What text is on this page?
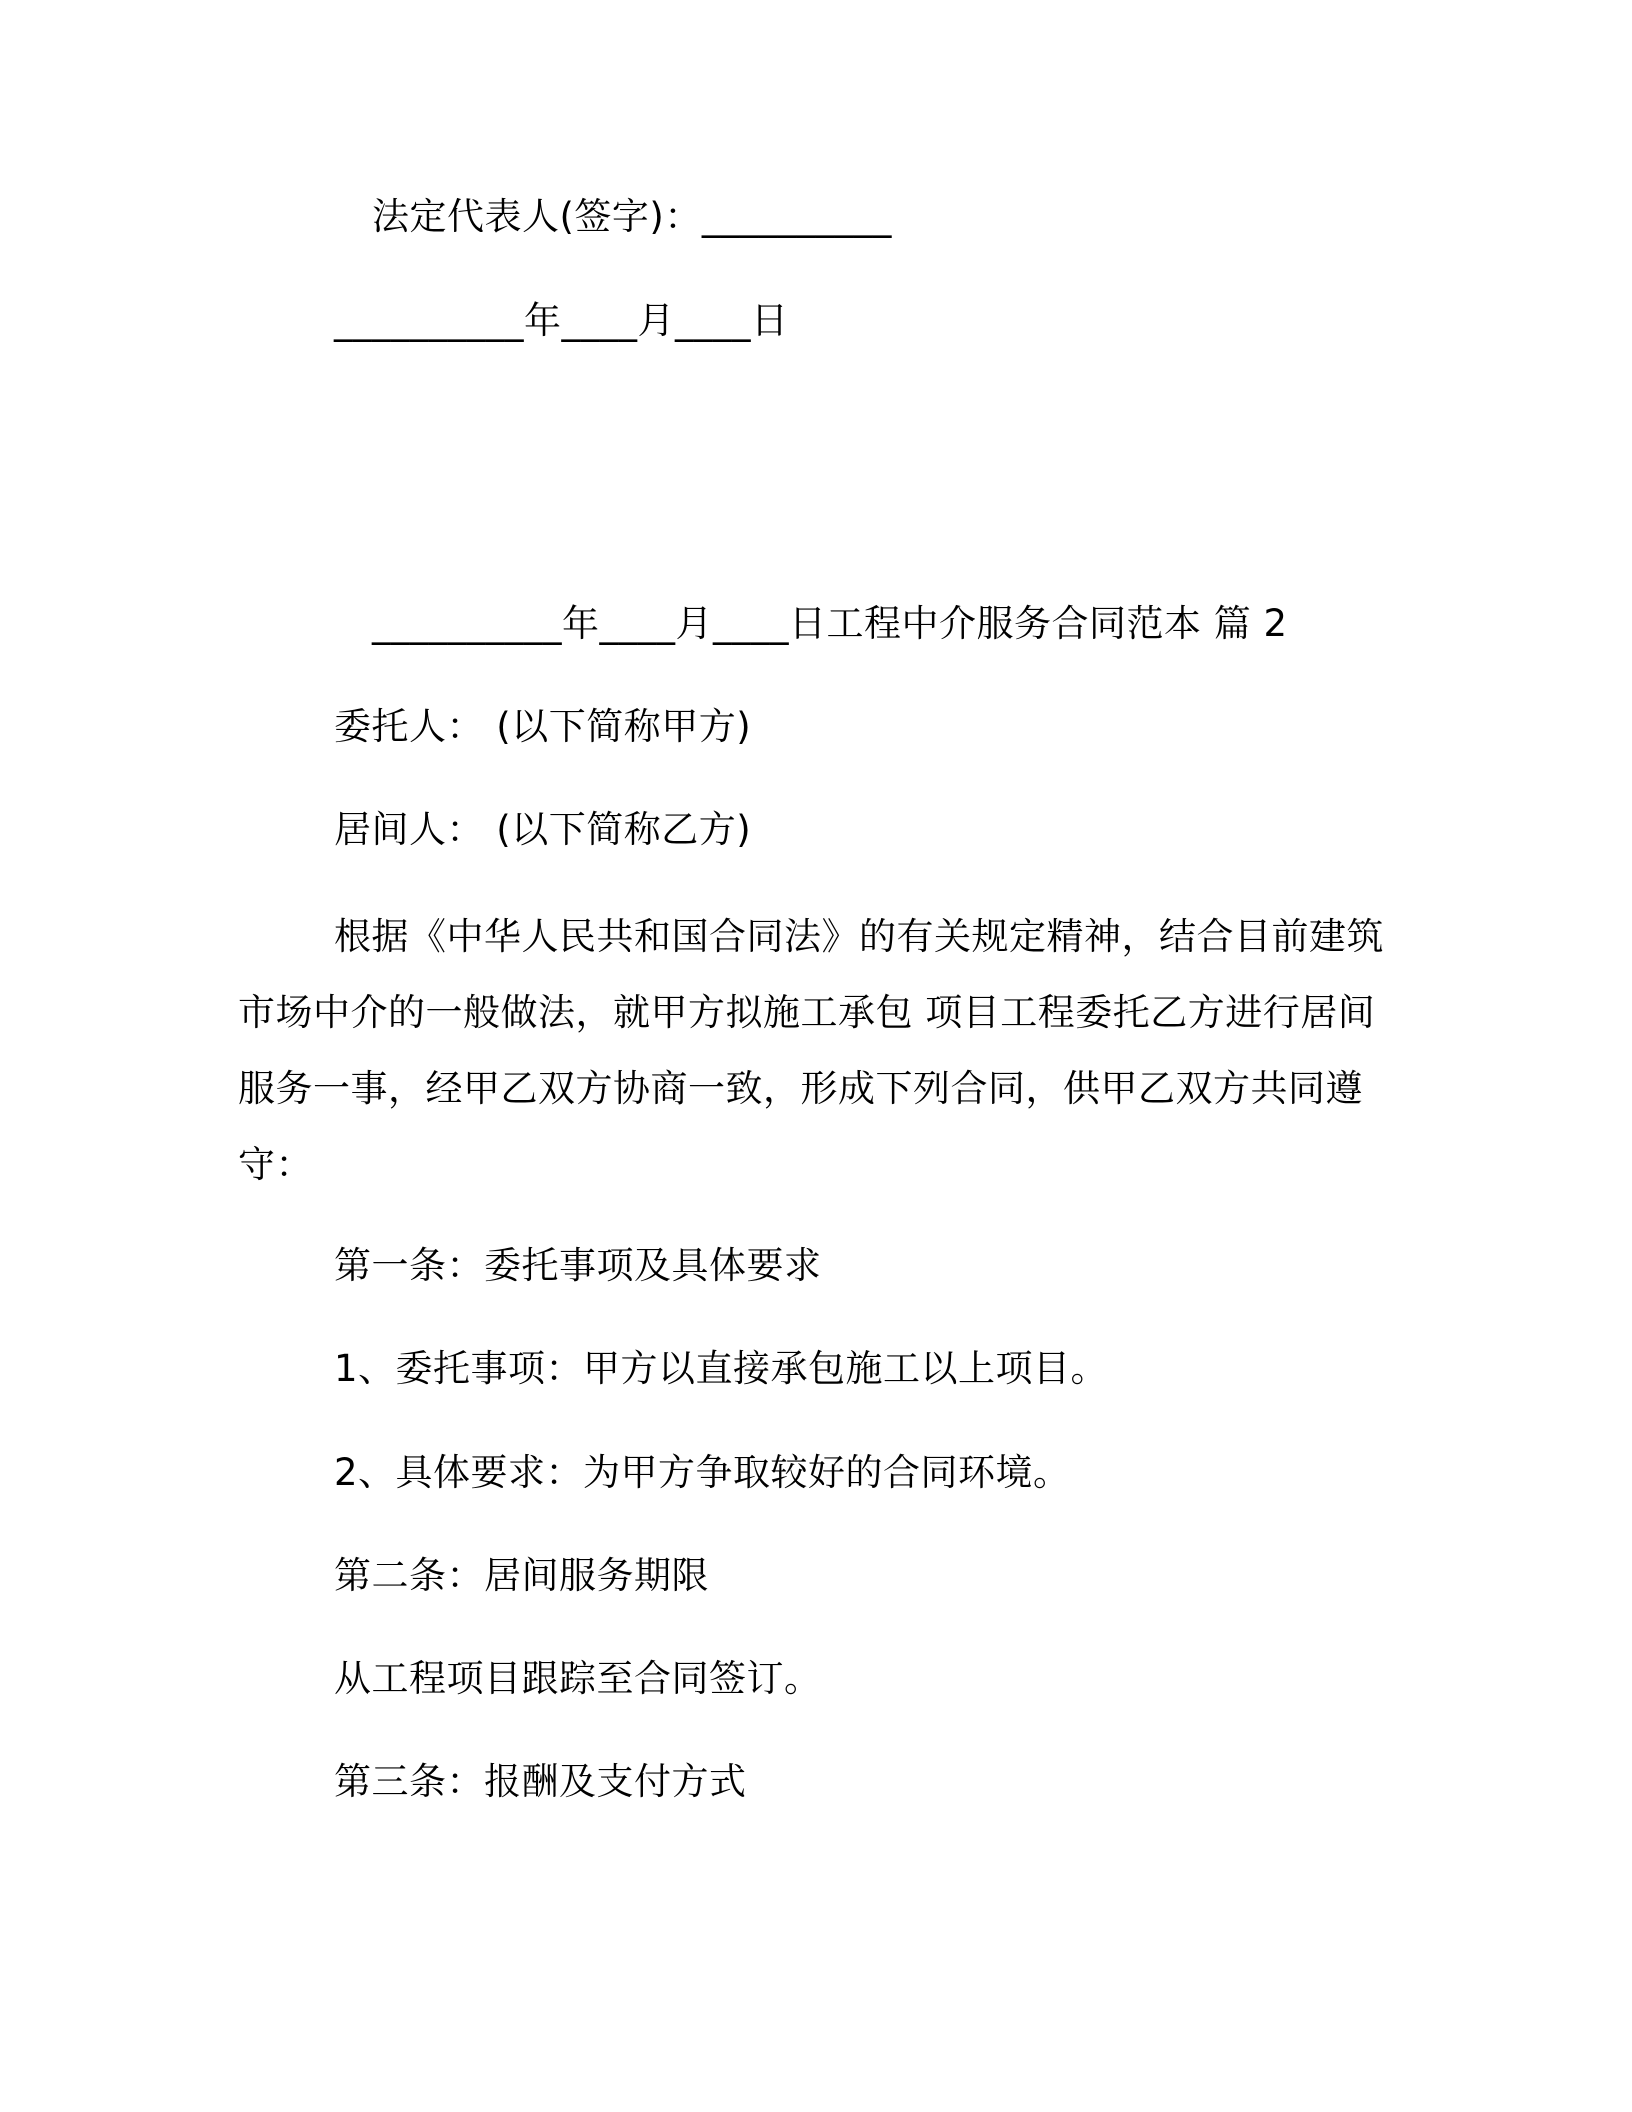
法定代表人(签字)：__________
__________年____月____日
__________年____月____日工程中介服务合同范本 篇 2
委托人： (以下简称甲方)
居间人： (以下简称乙方)
根据《中华人民共和国合同法》的有关规定精神，结合目前建筑市场中介的一般做法，就甲方拟施工承包 项目工程委托乙方进行居间服务一事，经甲乙双方协商一致，形成下列合同，供甲乙双方共同遵守：
第一条：委托事项及具体要求
1、委托事项：甲方以直接承包施工以上项目。
2、具体要求：为甲方争取较好的合同环境。
第二条：居间服务期限
从工程项目跟踪至合同签订。
第三条：报酬及支付方式
